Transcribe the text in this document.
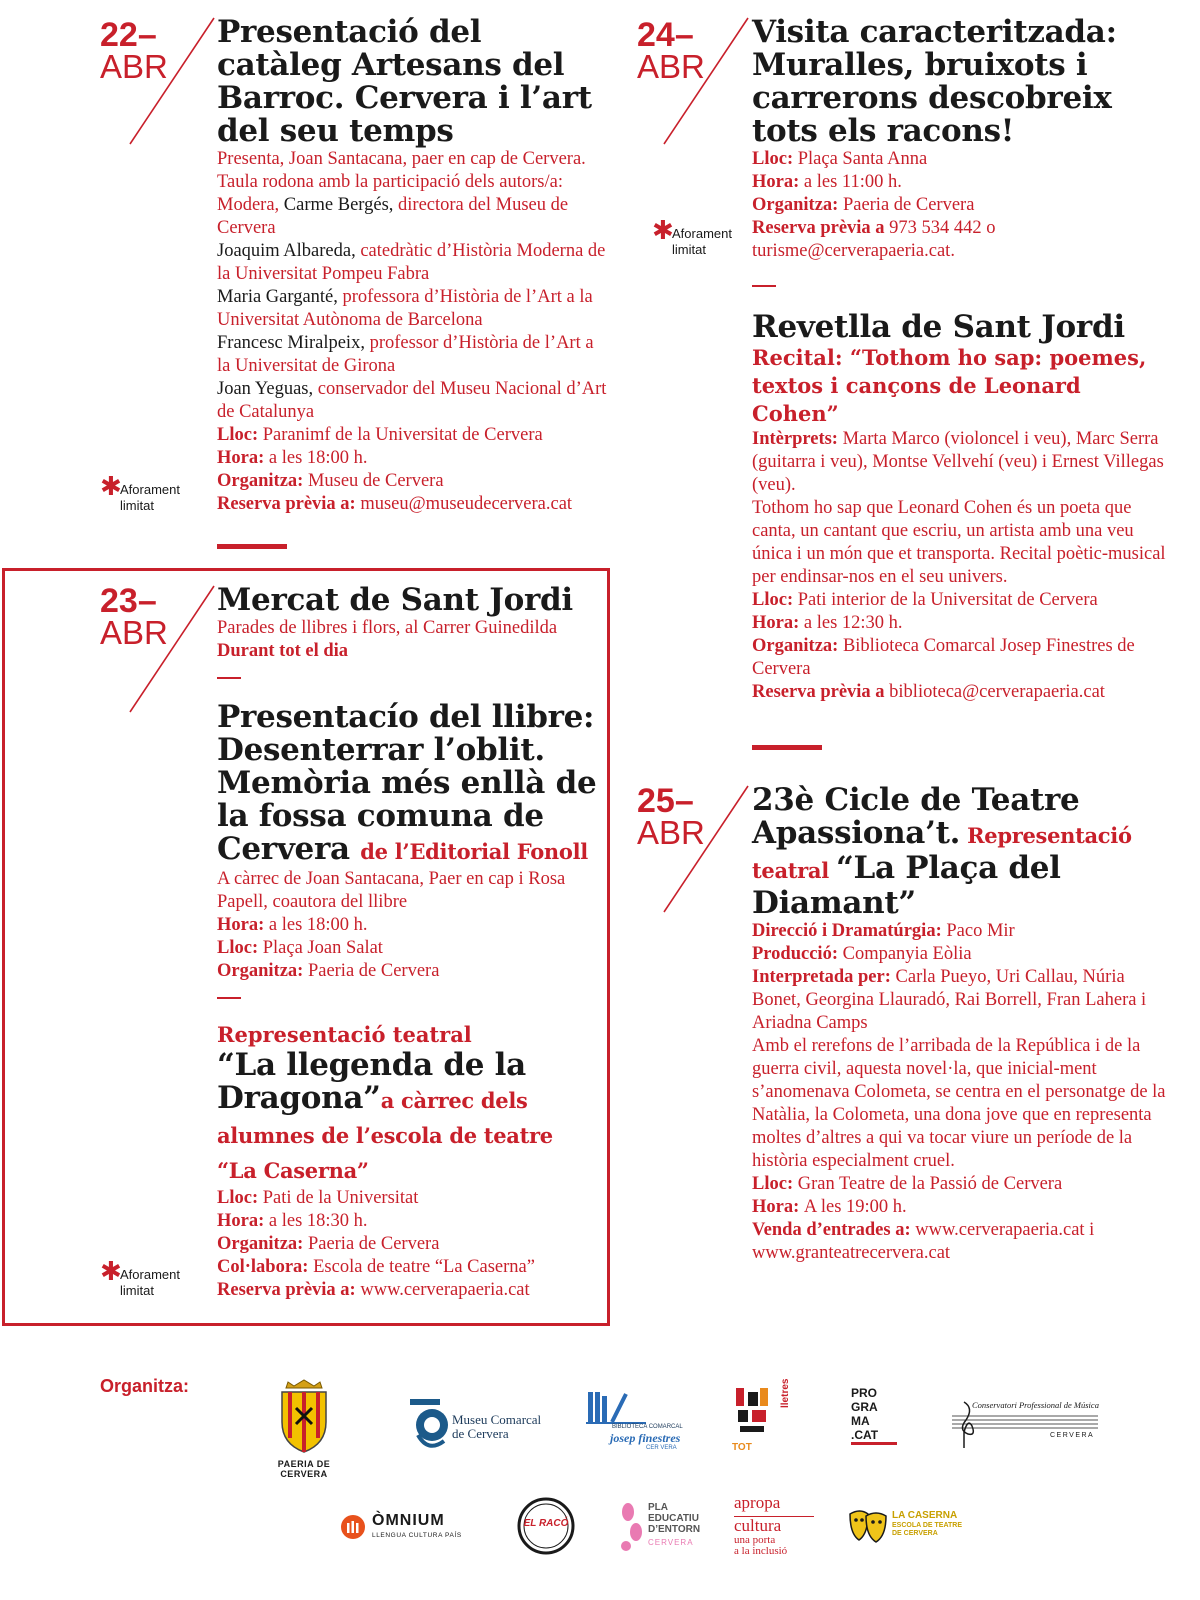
22–
ABR
Presentació del catàleg Artesans del Barroc. Cervera i l’art del seu temps

Presenta, Joan Santacana, paer en cap de Cervera.

Taula rodona amb la participació dels autors/a:

Modera, Carme Bergés, directora del Museu de Cervera

Joaquim Albareda, catedràtic d’Història Moderna de la Universitat Pompeu Fabra

Maria Garganté, professora d’Història de l’Art a la Universitat Autònoma de Barcelona

Francesc Miralpeix, professor d’Història de l’Art a la Universitat de Girona

Joan Yeguas, conservador del Museu Nacional d’Art de Catalunya

Lloc: Paranimf de la Universitat de Cervera

Hora: a les 18:00 h.

Organitza: Museu de Cervera

Reserva prèvia a: museu@museudecervera.cat

✱
Aforament
limitat
23–
ABR
Mercat de Sant Jordi

Parades de llibres i flors, al Carrer Guinedilda

Durant tot el dia

Presentacío del llibre: Desenterrar l’oblit. Memòria més enllà de la fossa comuna de Cervera de l’Editorial Fonoll

A càrrec de Joan Santacana, Paer en cap i Rosa Papell, coautora del llibre

Hora: a les 18:00 h.

Lloc: Plaça Joan Salat

Organitza: Paeria de Cervera

Representació teatral
“La llegenda de la Dragona”a càrrec dels alumnes de l’escola de teatre “La Caserna”

Lloc: Pati de la Universitat

Hora: a les 18:30 h.

Organitza: Paeria de Cervera

Col·labora: Escola de teatre “La Caserna”

Reserva prèvia a: www.cerverapaeria.cat

✱
Aforament
limitat
24–
ABR
Visita caracteritzada: Muralles, bruixots i carrerons descobreix tots els racons!

Lloc: Plaça Santa Anna

Hora: a les 11:00 h.

Organitza: Paeria de Cervera

Reserva prèvia a 973 534 442 o turisme@cerverapaeria.cat.

Revetlla de Sant Jordi
Recital: “Tothom ho sap: poemes, textos i cançons de Leonard Cohen”

Intèrprets: Marta Marco (violoncel i veu), Marc Serra (guitarra i veu), Montse Vellvehí (veu) i Ernest Villegas (veu).

Tothom ho sap que Leonard Cohen és un poeta que canta, un cantant que escriu, un artista amb una veu única i un món que et transporta. Recital poètic-musical per endinsar-nos en el seu univers.

Lloc: Pati interior de la Universitat de Cervera

Hora: a les 12:30 h.

Organitza: Biblioteca Comarcal Josep Finestres de Cervera

Reserva prèvia a biblioteca@cerverapaeria.cat

✱
Aforament
limitat
25–
ABR
23è Cicle de Teatre Apassiona’t. Representació teatral “La Plaça del Diamant”

Direcció i Dramatúrgia: Paco Mir

Producció: Companyia Eòlia

Interpretada per: Carla Pueyo, Uri Callau, Núria Bonet, Georgina Llauradó, Rai Borrell, Fran Lahera i Ariadna Camps

Amb el rerefons de l’arribada de la República i de la guerra civil, aquesta novel·la, que inicial-ment s’anomenava Colometa, se centra en el personatge de la Natàlia, la Colometa, una dona jove que en representa moltes d’altres a qui va tocar viure un període de la història especialment cruel.

Lloc: Gran Teatre de la Passió de Cervera

Hora: A les 19:00 h.

Venda d’entrades a: www.cerverapaeria.cat i www.granteatrecervera.cat

Organitza:
PAERIA DE CERVERA
Museu Comarcal
de Cervera	BIBLIOTECA COMARCAL
josep finestres
CER VERA	TOT
lletres	PRO GRA MA .CAT
Conservatori Professional de Música
CERVERA
ÒMNIUM
LLENGUA CULTURA PAÍS
EL RACÓ
PLA
EDUCATIU
D’ENTORN
CERVERA
apropa
cultura
una porta
a la inclusió
LA CASERNA
ESCOLA DE TEATRE DE CERVERA
